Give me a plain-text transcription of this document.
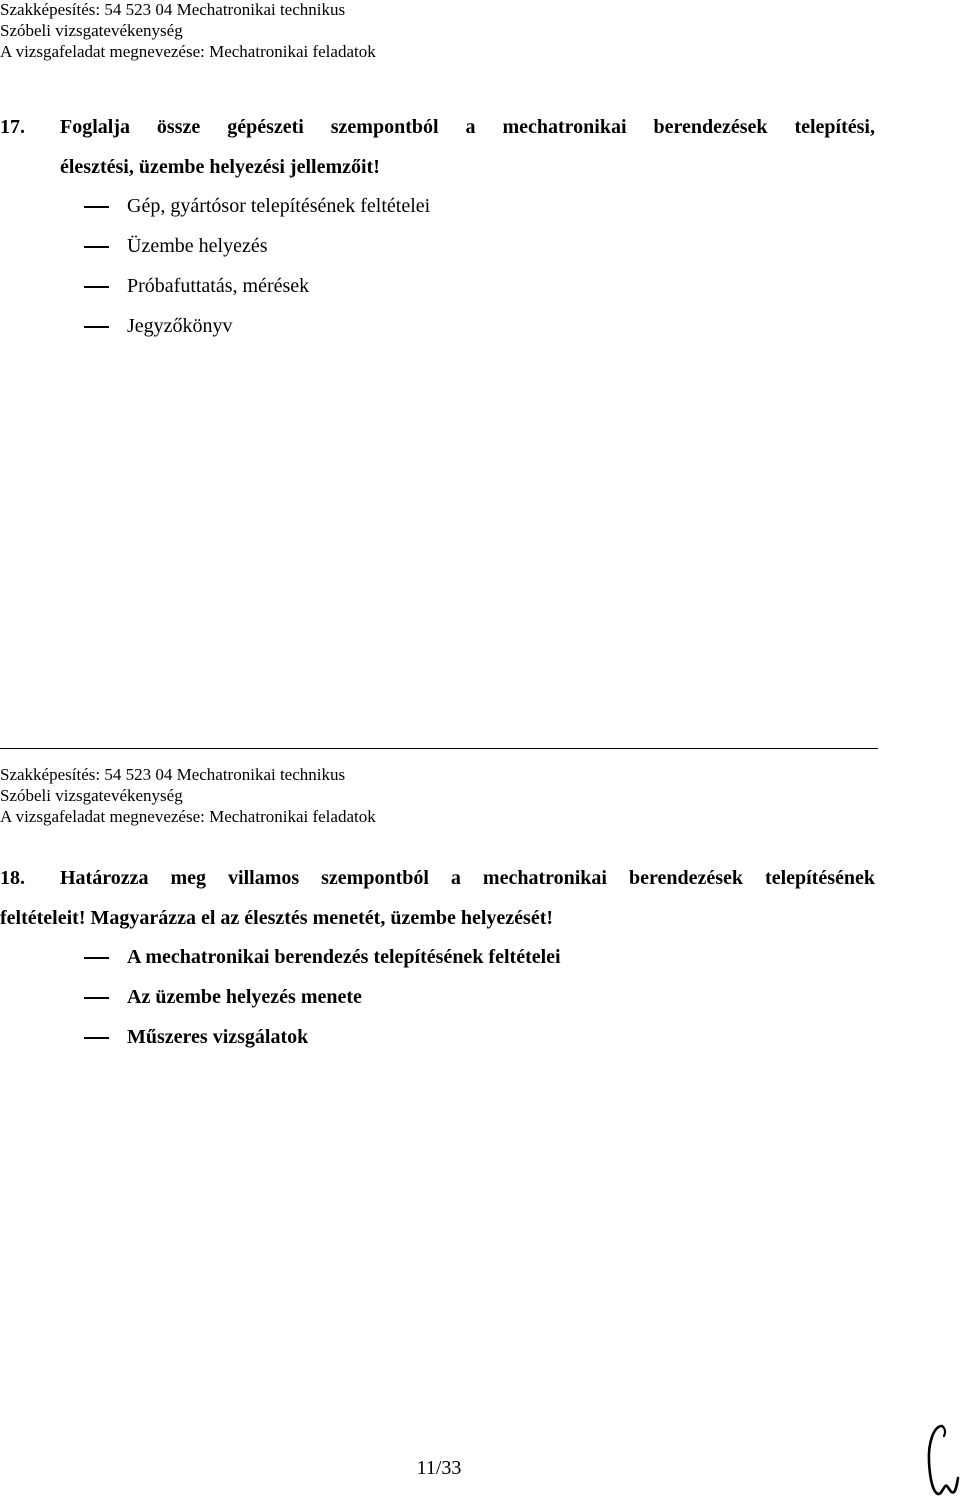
Szakképesítés: 54 523 04 Mechatronikai technikus
Szóbeli vizsgatevékenység
A vizsgafeladat megnevezése: Mechatronikai feladatok
17.	Foglalja össze gépészeti szempontból a mechatronikai berendezések telepítési,
élesztési, üzembe helyezési jellemzőit!
Gép, gyártósor telepítésének feltételei
Üzembe helyezés
Próbafuttatás, mérések
Jegyzőkönyv
Szakképesítés: 54 523 04 Mechatronikai technikus
Szóbeli vizsgatevékenység
A vizsgafeladat megnevezése: Mechatronikai feladatok
18.	Határozza meg villamos szempontból a mechatronikai berendezések telepítésének
feltételeit! Magyarázza el az élesztés menetét, üzembe helyezését!
A mechatronikai berendezés telepítésének feltételei
Az üzembe helyezés menete
Műszeres vizsgálatok
11/33
